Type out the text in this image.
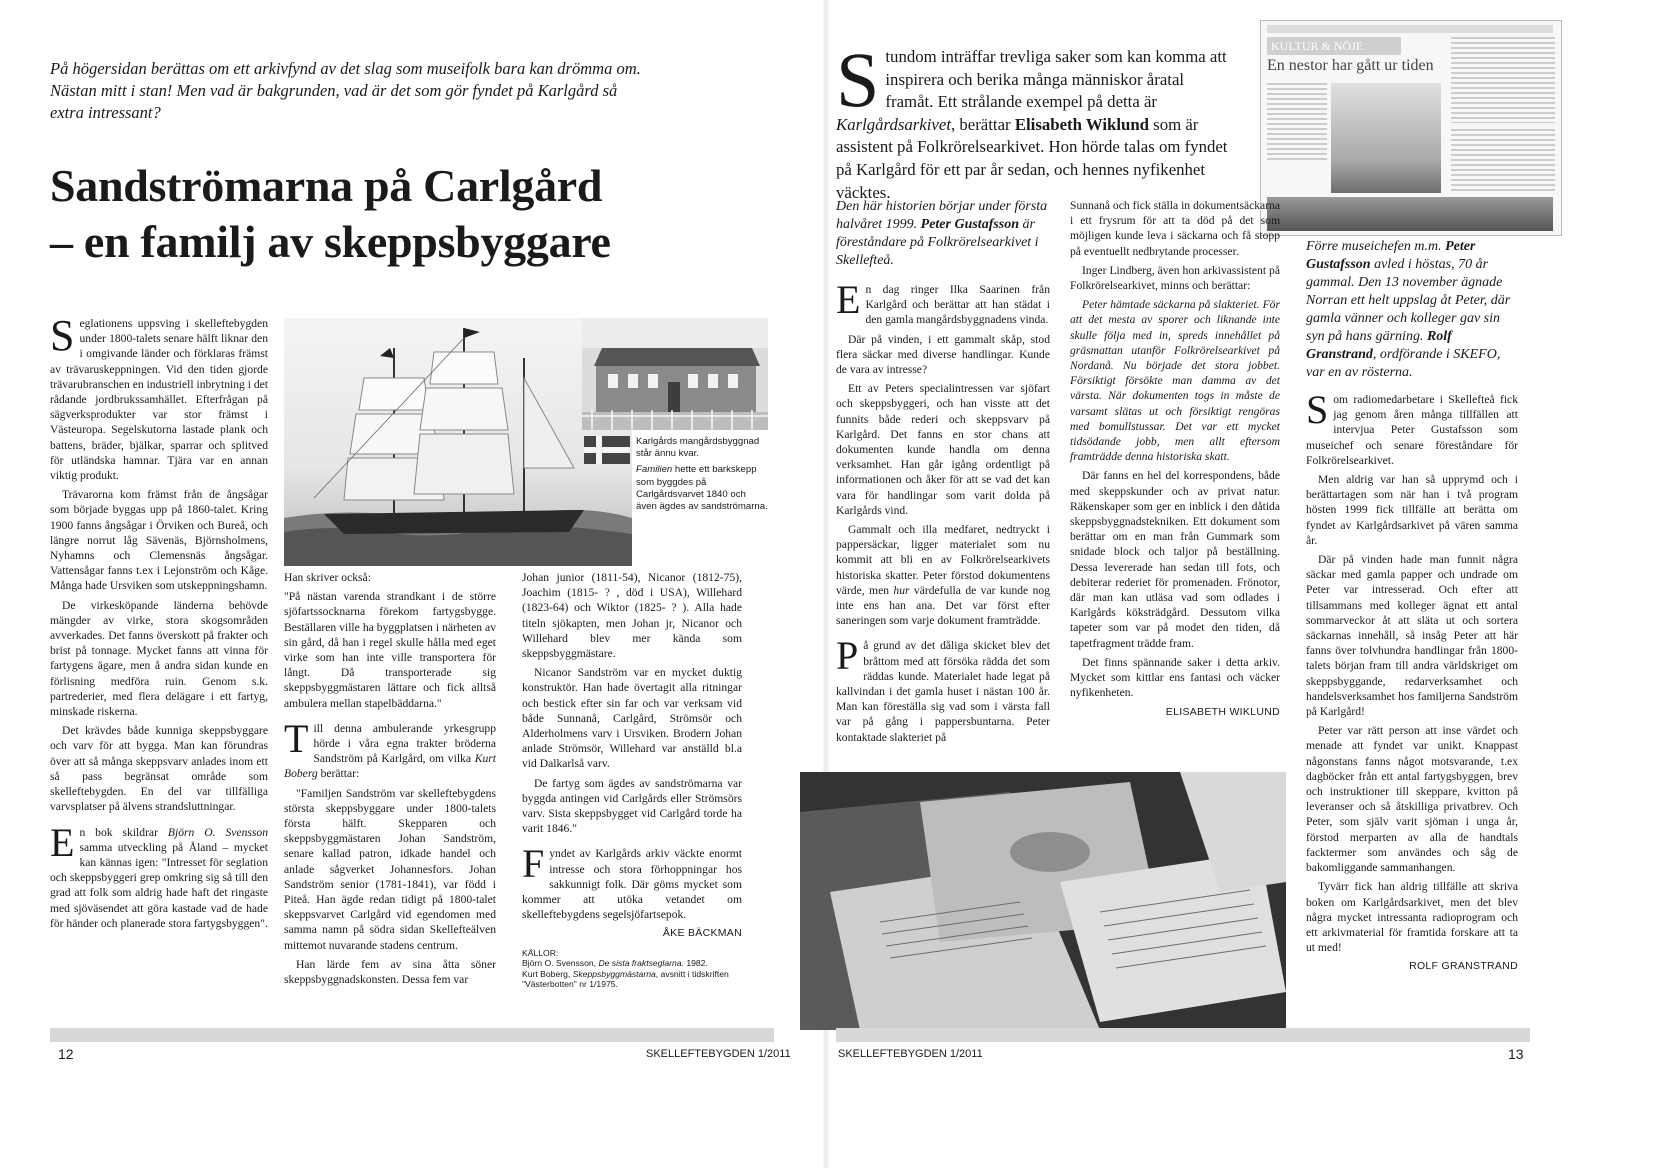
På högersidan berättas om ett arkivfynd av det slag som museifolk bara kan drömma om. Nästan mitt i stan! Men vad är bakgrunden, vad är det som gör fyndet på Karlgård så extra intressant?
Sandströmarna på Carlgård
– en familj av skeppsbyggare

Seglationens uppsving i skelleftebygden under 1800-talets senare hälft liknar den i omgivande länder och förklaras främst av trävaruskeppningen. Vid den tiden gjorde trävarubranschen en industriell inbrytning i det rådande jordbrukssamhället. Efterfrågan på sägverksprodukter var stor främst i Västeuropa. Segelskutorna lastade plank och battens, bräder, bjälkar, sparrar och splitved för utländska hamnar. Tjära var en annan viktig produkt.

Trävarorna kom främst från de ångsågar som började byggas upp på 1860-talet. Kring 1900 fanns ångsågar i Örviken och Bureå, och längre norrut låg Sävenäs, Björnsholmens, Nyhamns och Clemensnäs ångsågar. Vattensågar fanns t.ex i Lejonström och Kåge. Många hade Ursviken som utskeppningshamn.

De virkesköpande länderna behövde mängder av virke, stora skogsområden avverkades. Det fanns överskott på frakter och brist på tonnage. Mycket fanns att vinna för fartygens ägare, men å andra sidan kunde en förlisning medföra ruin. Genom s.k. partrederier, med flera delägare i ett fartyg, minskade riskerna.

Det krävdes både kunniga skeppsbyggare och varv för att bygga. Man kan förundras över att så många skeppsvarv anlades inom ett så pass begränsat område som skelleftebygden. En del var tillfälliga varvsplatser på älvens strandsluttningar.

En bok skildrar Björn O. Svensson samma utveckling på Åland – mycket kan kännas igen: "Intresset för seglation och skeppsbyggeri grep omkring sig så till den grad att folk som aldrig hade haft det ringaste med sjöväsendet att göra kastade vad de hade för händer och planerade stora fartygsbyggen".

Karlgårds mangårdsbyggnad står ännu kvar.
Familien hette ett barkskepp som byggdes på Carlgårdsvarvet 1840 och även ägdes av sandströmarna.

Han skriver också:

"På nästan varenda strandkant i de större sjöfartssocknarna förekom fartygsbygge. Beställaren ville ha byggplatsen i närheten av sin gård, då han i regel skulle hålla med eget virke som han inte ville transportera för långt. Då transporterade sig skeppsbyggmästaren lättare och fick alltså ambulera mellan stapelbäddarna."

Till denna ambulerande yrkesgrupp hörde i våra egna trakter bröderna Sandström på Karlgård, om vilka Kurt Boberg berättar:

"Familjen Sandström var skelleftebygdens största skeppsbyggare under 1800-talets första hälft. Skepparen och skeppsbyggmästaren Johan Sandström, senare kallad patron, idkade handel och anlade sågverket Johannesfors. Johan Sandström senior (1781-1841), var född i Piteå. Han ägde redan tidigt på 1800-talet skeppsvarvet Carlgård vid egendomen med samma namn på södra sidan Skellefteälven mittemot nuvarande stadens centrum.

Han lärde fem av sina åtta söner skeppsbyggnadskonsten. Dessa fem var

Johan junior (1811-54), Nicanor (1812-75), Joachim (1815- ? , död i USA), Willehard (1823-64) och Wiktor (1825- ? ). Alla hade titeln sjökapten, men Johan jr, Nicanor och Willehard blev mer kända som skeppsbyggmästare.

Nicanor Sandström var en mycket duktig konstruktör. Han hade övertagit alla ritningar och bestick efter sin far och var verksam vid både Sunnanå, Carlgård, Strömsör och Alderholmens varv i Ursviken. Brodern Johan anlade Strömsör, Willehard var anställd bl.a vid Dalkarlså varv.

De fartyg som ägdes av sandströmarna var byggda antingen vid Carlgårds eller Strömsörs varv. Sista skeppsbygget vid Carlgård torde ha varit 1846."

Fyndet av Karlgårds arkiv väckte enormt intresse och stora förhoppningar hos sakkunnigt folk. Där göms mycket som kommer att utöka vetandet om skelleftebygdens segelsjöfartsepok.

ÅKE BÄCKMAN
KÄLLOR:
Björn O. Svensson, De sista fraktseglarna. 1982.
Kurt Boberg, Skeppsbyggmästarna, avsnitt i tidskriften "Västerbotten" nr 1/1975.
12	SKELLEFTEBYGDEN 1/2011
Stundom inträffar trevliga saker som kan komma att inspirera och berika många människor åratal framåt. Ett strålande exempel på detta är Karlgårdsarkivet, berättar Elisabeth Wiklund som är assistent på Folkrörelsearkivet. Hon hörde talas om fyndet på Karlgård för ett par år sedan, och hennes nyfikenhet väcktes.
KULTUR & NÖJE
En nestor har gått ur tiden

Den här historien börjar under första halvåret 1999. Peter Gustafsson är föreståndare på Folkrörelsearkivet i Skellefteå.

En dag ringer Ilka Saarinen från Karlgård och berättar att han städat i den gamla mangårdsbyggnadens vinda.

Där på vinden, i ett gammalt skåp, stod flera säckar med diverse handlingar. Kunde de vara av intresse?

Ett av Peters specialintressen var sjöfart och skeppsbyggeri, och han visste att det funnits både rederi och skeppsvarv på Karlgård. Det fanns en stor chans att dokumenten kunde handla om denna verksamhet. Han går igång ordentligt på informationen och åker för att se vad det kan vara för handlingar som varit dolda på Karlgårds vind.

Gammalt och illa medfaret, nedtryckt i pappersäckar, ligger materialet som nu kommit att bli en av Folkrörelsearkivets historiska skatter. Peter förstod dokumentens värde, men hur värdefulla de var kunde nog inte ens han ana. Det var först efter saneringen som varje dokument framträdde.

På grund av det dåliga skicket blev det bråttom med att försöka rädda det som räddas kunde. Materialet hade legat på kallvindan i det gamla huset i nästan 100 år. Man kan föreställa sig vad som i värsta fall var på gång i pappersbuntarna. Peter kontaktade slakteriet på

Sunnanå och fick ställa in dokumentsäckarna i ett frysrum för att ta död på det som möjligen kunde leva i säckarna och få stopp på eventuellt nedbrytande processer.

Inger Lindberg, även hon arkivassistent på Folkrörelsearkivet, minns och berättar:

Peter hämtade säckarna på slakteriet. För att det mesta av sporer och liknande inte skulle följa med in, spreds innehållet på gräsmattan utanför Folkrörelsearkivet på Nordanå. Nu började det stora jobbet. Försiktigt försökte man damma av det värsta. När dokumenten togs in måste de varsamt slätas ut och försiktigt rengöras med bomullstussar. Det var ett mycket tidsödande jobb, men allt eftersom framträdde denna historiska skatt.

Där fanns en hel del korrespondens, både med skeppskunder och av privat natur. Räkenskaper som ger en inblick i den dåtida skeppsbyggnadstekniken. Ett dokument som berättar om en man från Gummark som snidade block och taljor på beställning. Dessa levererade han sedan till fots, och debiterar rederiet för promenaden. Frönotor, där man kan utläsa vad som odlades i Karlgårds köksträdgård. Dessutom vilka tapeter som var på modet den tiden, då tapetfragment trädde fram.

Det finns spännande saker i detta arkiv. Mycket som kittlar ens fantasi och väcker nyfikenheten.

ELISABETH WIKLUND

Förre museichefen m.m. Peter Gustafsson avled i höstas, 70 år gammal. Den 13 november ägnade Norran ett helt uppslag åt Peter, där gamla vänner och kolleger gav sin syn på hans gärning. Rolf Granstrand, ordförande i SKEFO, var en av rösterna.

Som radiomedarbetare i Skellefteå fick jag genom åren många tillfällen att intervjua Peter Gustafsson som museichef och senare föreståndare för Folkrörelsearkivet.

Men aldrig var han så upprymd och i berättartagen som när han i två program hösten 1999 fick tillfälle att berätta om fyndet av Karlgårdsarkivet på vären samma år.

Där på vinden hade man funnit några säckar med gamla papper och undrade om Peter var intresserad. Och efter att tillsammans med kolleger ägnat ett antal sommarveckor åt att släta ut och sortera säckarnas innehåll, så insåg Peter att här fanns över tolvhundra handlingar från 1800-talets början fram till andra världskriget om skeppsbyggande, redarverksamhet och handelsverksamhet hos familjerna Sandström på Karlgård!

Peter var rätt person att inse värdet och menade att fyndet var unikt. Knappast någonstans fanns något motsvarande, t.ex dagböcker från ett antal fartygsbyggen, brev och instruktioner till skeppare, kvitton på leveranser och så åtskilliga privatbrev. Och Peter, som själv varit sjöman i unga år, förstod merparten av alla de handtals facktermer som användes och såg de bakomliggande sammanhangen.

Tyvärr fick han aldrig tillfälle att skriva boken om Karlgårdsarkivet, men det blev några mycket intressanta radioprogram och ett arkivmaterial för framtida forskare att ta ut med!

ROLF GRANSTRAND
SKELLEFTEBYGDEN 1/2011	13
